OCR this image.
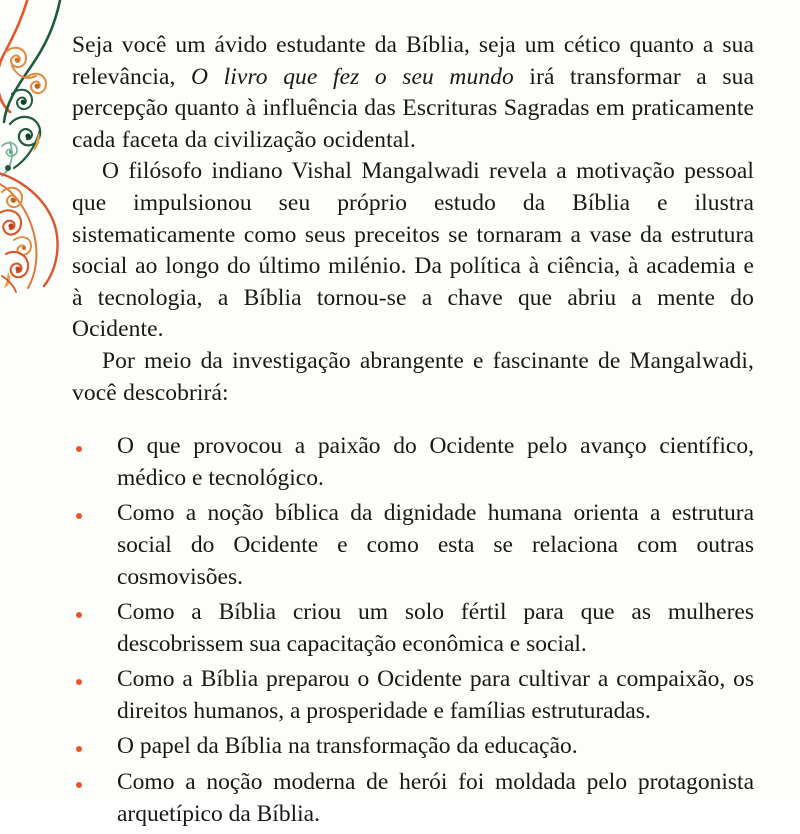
Seja você um ávido estudante da Bíblia, seja um cético quanto a sua relevância, O livro que fez o seu mundo irá transformar a sua percepção quanto à influência das Escrituras Sagradas em praticamente cada faceta da civilização ocidental.

O filósofo indiano Vishal Mangalwadi revela a motivação pessoal que impulsionou seu próprio estudo da Bíblia e ilustra sistematicamente como seus preceitos se tornaram a vase da estrutura social ao longo do último milénio. Da política à ciência, à academia e à tecnologia, a Bíblia tornou-se a chave que abriu a mente do Ocidente.

Por meio da investigação abrangente e fascinante de Mangalwadi, você descobrirá:

O que provocou a paixão do Ocidente pelo avanço científico, médico e tecnológico.
Como a noção bíblica da dignidade humana orienta a estrutura social do Ocidente e como esta se relaciona com outras cosmovisões.
Como a Bíblia criou um solo fértil para que as mulheres descobrissem sua capacitação econômica e social.
Como a Bíblia preparou o Ocidente para cultivar a compaixão, os direitos humanos, a prosperidade e famílias estruturadas.
O papel da Bíblia na transformação da educação.
Como a noção moderna de herói foi moldada pelo protagonista arquetípico da Bíblia.
